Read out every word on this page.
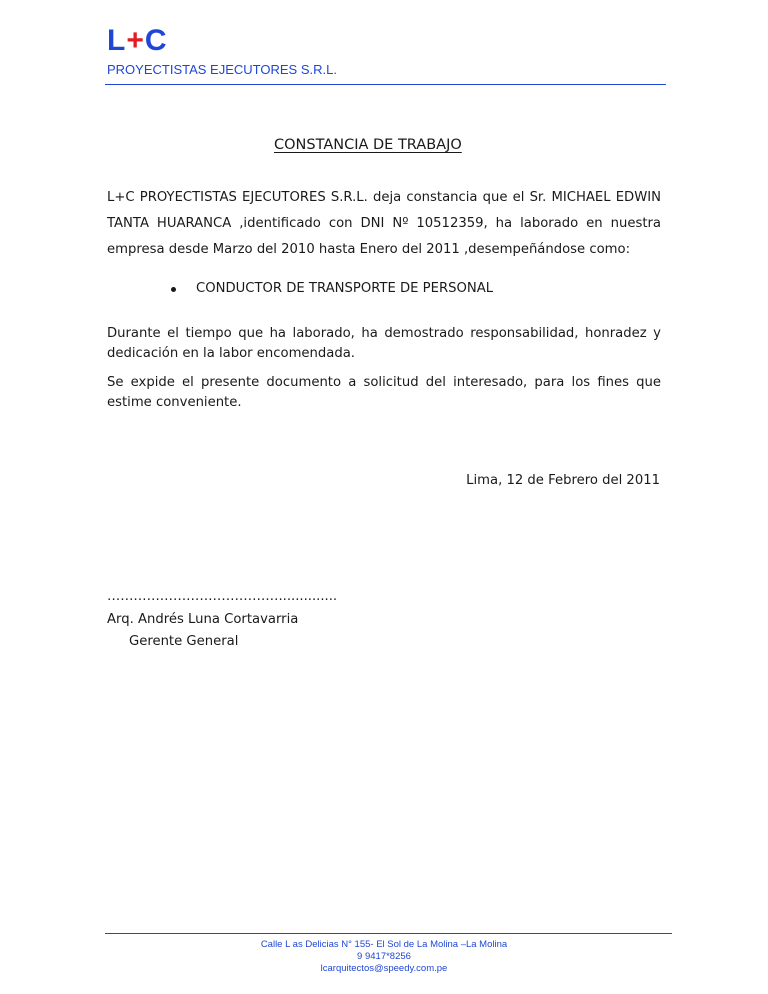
L+C
PROYECTISTAS EJECUTORES S.R.L.
CONSTANCIA DE TRABAJO
L+C PROYECTISTAS EJECUTORES S.R.L. deja constancia que el Sr. MICHAEL EDWIN TANTA HUARANCA ,identificado con DNI Nº 10512359, ha laborado en nuestra empresa desde Marzo del 2010 hasta Enero del 2011 ,desempeñándose como:
CONDUCTOR DE TRANSPORTE DE PERSONAL
Durante el tiempo que ha laborado, ha demostrado responsabilidad, honradez y dedicación en la labor encomendada.
Se expide el presente documento a solicitud del interesado, para los fines que estime conveniente.
Lima, 12 de Febrero del 2011
…………………………………..............
Arq. Andrés Luna Cortavarria
Gerente General
Calle L as Delicias N° 155- El Sol de La Molina –La Molina
9 9417*8256
lcarquitectos@speedy.com.pe
